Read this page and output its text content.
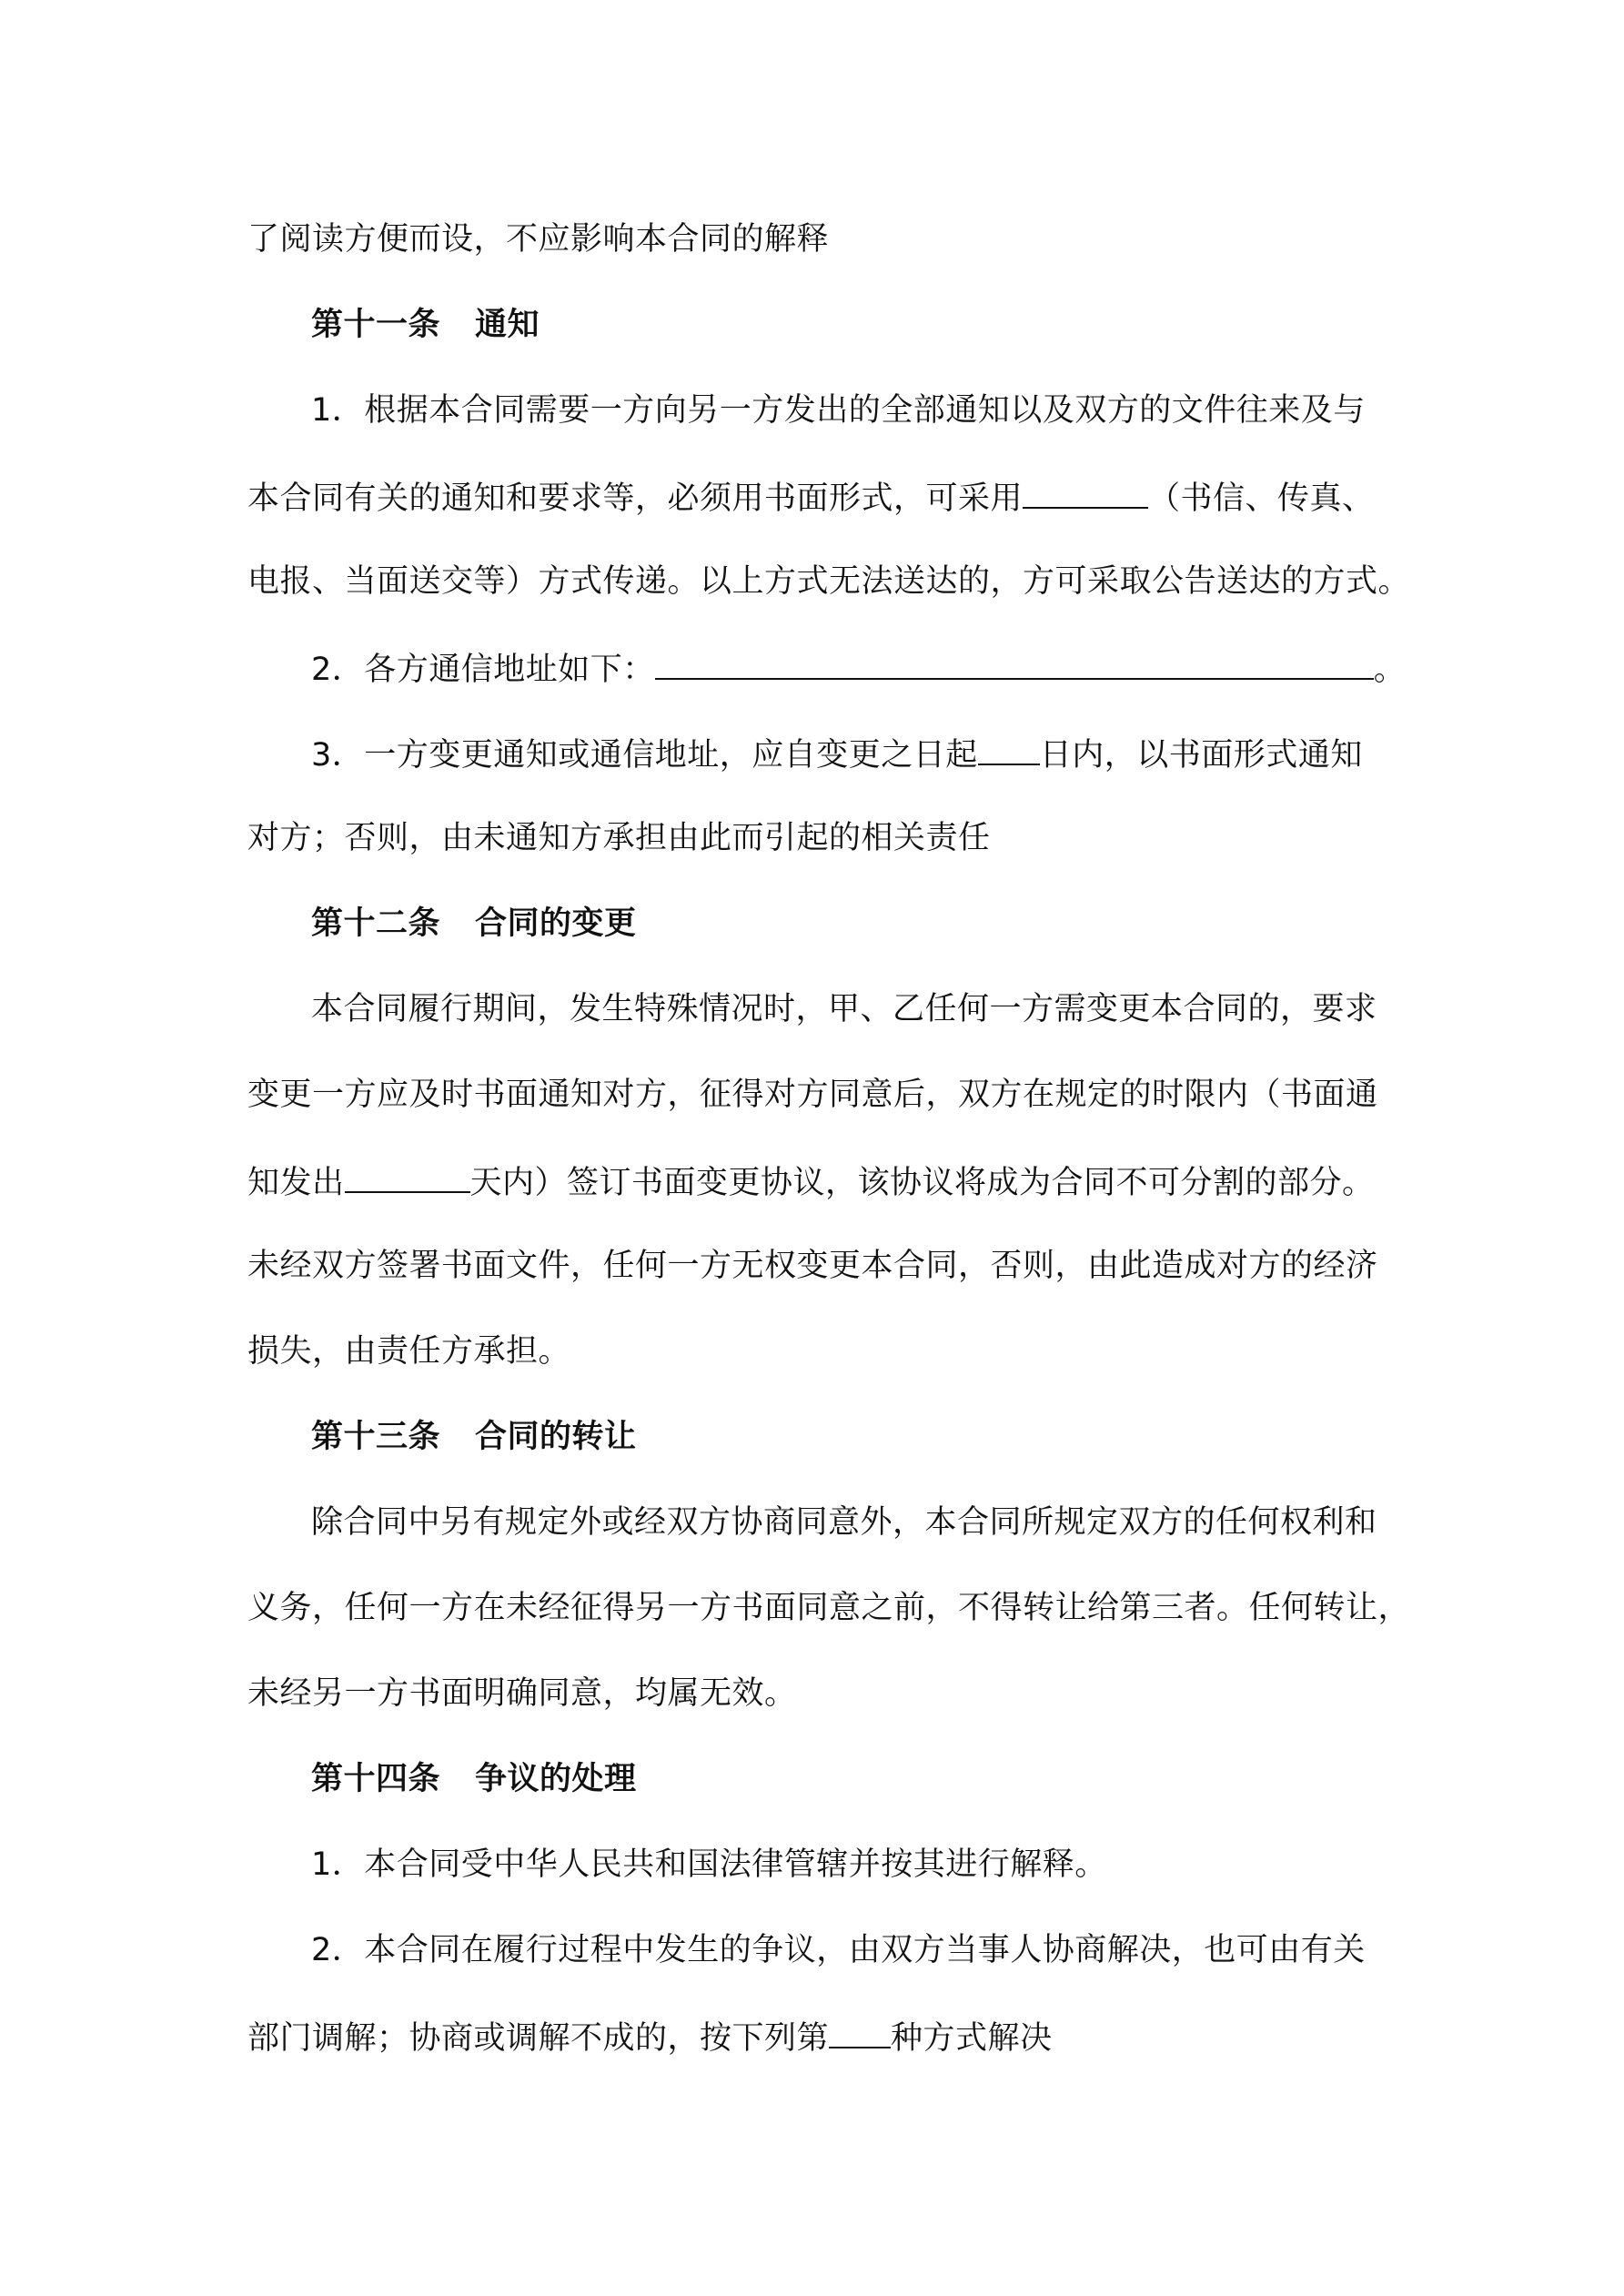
了阅读方便而设，不应影响本合同的解释
第十一条 通知
1．根据本合同需要一方向另一方发出的全部通知以及双方的文件往来及与
本合同有关的通知和要求等，必须用书面形式，可采用	（书信、传真、
电报、当面送交等）方式传递。以上方式无法送达的，方可采取公告送达的方式。
2．各方通信地址如下：	。
3．一方变更通知或通信地址，应自变更之日起 日内，以书面形式通知
对方；否则，由未通知方承担由此而引起的相关责任
第十二条 合同的变更
本合同履行期间，发生特殊情况时，甲、乙任何一方需变更本合同的，要求
变更一方应及时书面通知对方，征得对方同意后，双方在规定的时限内（书面通
知发出	天内）签订书面变更协议，该协议将成为合同不可分割的部分。
未经双方签署书面文件，任何一方无权变更本合同，否则，由此造成对方的经济
损失，由责任方承担。
第十三条 合同的转让
除合同中另有规定外或经双方协商同意外，本合同所规定双方的任何权利和
义务，任何一方在未经征得另一方书面同意之前，不得转让给第三者。任何转让，
未经另一方书面明确同意，均属无效。
第十四条 争议的处理
1．本合同受中华人民共和国法律管辖并按其进行解释。
2．本合同在履行过程中发生的争议，由双方当事人协商解决，也可由有关
部门调解；协商或调解不成的，按下列第 种方式解决
